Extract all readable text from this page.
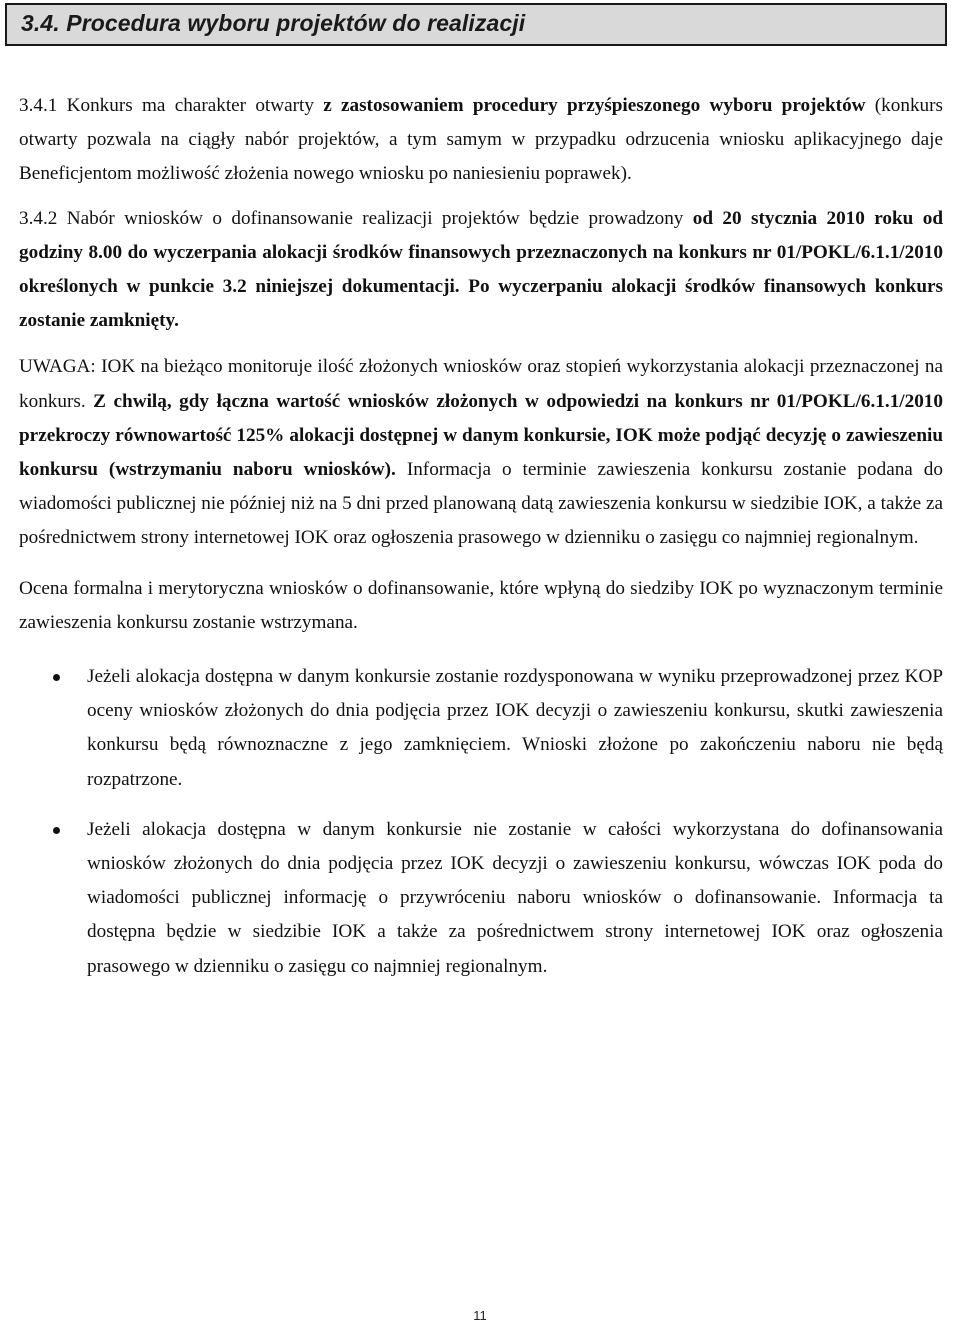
3.4. Procedura wyboru projektów do realizacji

3.4.1 Konkurs ma charakter otwarty z zastosowaniem procedury przyśpieszonego wyboru projektów (konkurs otwarty pozwala na ciągły nabór projektów, a tym samym w przypadku odrzucenia wniosku aplikacyjnego daje Beneficjentom możliwość złożenia nowego wniosku po naniesieniu poprawek).

3.4.2 Nabór wniosków o dofinansowanie realizacji projektów będzie prowadzony od 20 stycznia 2010 roku od godziny 8.00 do wyczerpania alokacji środków finansowych przeznaczonych na konkurs nr 01/POKL/6.1.1/2010 określonych w punkcie 3.2 niniejszej dokumentacji. Po wyczerpaniu alokacji środków finansowych konkurs zostanie zamknięty.

UWAGA: IOK na bieżąco monitoruje ilość złożonych wniosków oraz stopień wykorzystania alokacji przeznaczonej na konkurs. Z chwilą, gdy łączna wartość wniosków złożonych w odpowiedzi na konkurs nr 01/POKL/6.1.1/2010 przekroczy równowartość 125% alokacji dostępnej w danym konkursie, IOK może podjąć decyzję o zawieszeniu konkursu (wstrzymaniu naboru wniosków). Informacja o terminie zawieszenia konkursu zostanie podana do wiadomości publicznej nie później niż na 5 dni przed planowaną datą zawieszenia konkursu w siedzibie IOK, a także za pośrednictwem strony internetowej IOK oraz ogłoszenia prasowego w dzienniku o zasięgu co najmniej regionalnym.

Ocena formalna i merytoryczna wniosków o dofinansowanie, które wpłyną do siedziby IOK po wyznaczonym terminie zawieszenia konkursu zostanie wstrzymana.

Jeżeli alokacja dostępna w danym konkursie zostanie rozdysponowana w wyniku przeprowadzonej przez KOP oceny wniosków złożonych do dnia podjęcia przez IOK decyzji o zawieszeniu konkursu, skutki zawieszenia konkursu będą równoznaczne z jego zamknięciem. Wnioski złożone po zakończeniu naboru nie będą rozpatrzone.
Jeżeli alokacja dostępna w danym konkursie nie zostanie w całości wykorzystana do dofinansowania wniosków złożonych do dnia podjęcia przez IOK decyzji o zawieszeniu konkursu, wówczas IOK poda do wiadomości publicznej informację o przywróceniu naboru wniosków o dofinansowanie. Informacja ta dostępna będzie w siedzibie IOK a także za pośrednictwem strony internetowej IOK oraz ogłoszenia prasowego w dzienniku o zasięgu co najmniej regionalnym.
11
